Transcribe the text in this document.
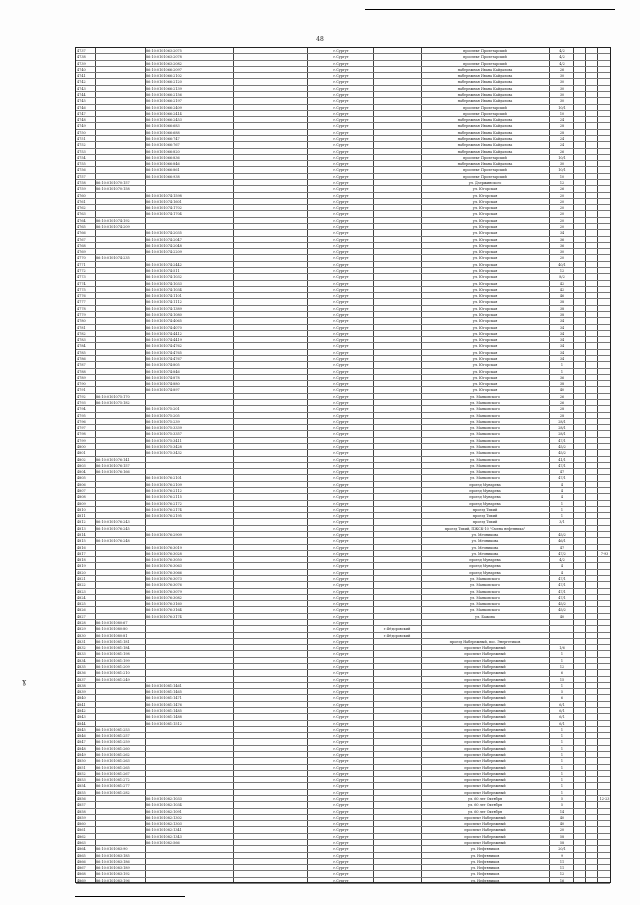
48
4737	86:10:0101063:2075	г.Сургут	проспект Пролетарский	4/2
4738	86:10:0101063:2078	г.Сургут	проспект Пролетарский	4/2
4739	86:10:0101063:2082	г.Сургут	проспект Пролетарский	4/2
4740	86:10:0101066:2097	г.Сургут	набережная Ивана Кайдалова	26
4741	86:10:0101066:2102	г.Сургут	набережная Ивана Кайдалова	30
4742	86:10:0101066:2120	г.Сургут	набережная Ивана Кайдалова	30
4743	86:10:0101066:2139	г.Сургут	набережная Ивана Кайдалова	30
4744	86:10:0101066:2156	г.Сургут	набережная Ивана Кайдалова	30
4745	86:10:0101066:2197	г.Сургут	набережная Ивана Кайдалова	30
4746	86:10:0101066:2409	г.Сургут	проспект Пролетарский	10/1
4747	86:10:0101066:2414	г.Сургут	проспект Пролетарский	10
4748	86:10:0101066:2453	г.Сургут	набережная Ивана Кайдалова	24
4749	86:10:0101066:683	г.Сургут	набережная Ивана Кайдалова	28
4750	86:10:0101066:688	г.Сургут	набережная Ивана Кайдалова	28
4751	86:10:0101066:747	г.Сургут	набережная Ивана Кайдалова	24
4752	86:10:0101066:767	г.Сургут	набережная Ивана Кайдалова	24
4753	86:10:0101066:820	г.Сургут	набережная Ивана Кайдалова	26
4754	86:10:0101066:836	г.Сургут	проспект Пролетарский	10/1
4755	86:10:0101066:846	г.Сургут	набережная Ивана Кайдалова	30
4756	86:10:0101066:861	г.Сургут	проспект Пролетарский	10/1
4757	86:10:0101066:938	г.Сургут	проспект Пролетарский	10
4758	86:10:0101070:157	г.Сургут	ул. Дзержинского	12
4759	86:10:0101070:158	г.Сургут	ул. Югорская	26
4760	86:10:0101074:1598	г.Сургут	ул. Югорская	20
4761	86:10:0101074:1601	г.Сургут	ул. Югорская	20
4762	86:10:0101074:1702	г.Сургут	ул. Югорская	20
4763	86:10:0101074:1704	г.Сургут	ул. Югорская	20
4764	86:10:0101074:192	г.Сургут	ул. Югорская	20
4765	86:10:0101074:209	г.Сургут	ул. Югорская	20
4766	86:10:0101074:2035	г.Сургут	ул. Югорская	34
4767	86:10:0101074:2047	г.Сургут	ул. Югорская	36
4768	86:10:0101074:2048	г.Сургут	ул. Югорская	36
4769	86:10:0101074:2209	г.Сургут	ул. Югорская	30
4770	86:10:0101074:235	г.Сургут	ул. Югорская	20
4771	86:10:0101074:2442	г.Сургут	ул. Югорская	40/1
4772	86:10:0101074:511	г.Сургут	ул. Югорская	12
4773	86:10:0101074:1032	г.Сургут	ул. Югорская	8/2
4774	86:10:0101074:1033	г.Сургут	ул. Югорская	42
4775	86:10:0101074:1034	г.Сургут	ул. Югорская	42
4776	86:10:0101074:1101	г.Сургут	ул. Югорская	46
4777	86:10:0101074:1112	г.Сургут	ул. Югорская	38
4778	86:10:0101074:1389	г.Сургут	ул. Югорская	38
4779	86:10:0101074:1080	г.Сургут	ул. Югорская	38
4780	86:10:0101074:4065	г.Сургут	ул. Югорская	34
4781	86:10:0101074:4070	г.Сургут	ул. Югорская	34
4782	86:10:0101074:4412	г.Сургут	ул. Югорская	34
4783	86:10:0101074:4419	г.Сургут	ул. Югорская	34
4784	86:10:0101074:4762	г.Сургут	ул. Югорская	34
4785	86:10:0101074:4765	г.Сургут	ул. Югорская	34
4786	86:10:0101074:4767	г.Сургут	ул. Югорская	34
4787	86:10:0101074:805	г.Сургут	ул. Югорская	1
4788	86:10:0101074:846	г.Сургут	ул. Югорская	1
4789	86:10:0101074:878	г.Сургут	ул. Югорская	36
4790	86:10:0101074:880	г.Сургут	ул. Югорская	38
4791	86:10:0101074:897	г.Сургут	ул. Югорская	40
4792	86:10:0101075:170	г.Сургут	ул. Маяковского	26
4793	86:10:0101075:182	г.Сургут	ул. Маяковского	26
4794	86:10:0101075:201	г.Сургут	ул. Маяковского	28
4795	86:10:0101075:205	г.Сургут	ул. Маяковского	28
4796	86:10:0101075:239	г.Сургут	ул. Маяковского	28/1
4797	86:10:0101075:3339	г.Сургут	ул. Маяковского	28/1
4798	86:10:0101075:3357	г.Сургут	ул. Маяковского	28/1
4799	86:10:0101075:3411	г.Сургут	ул. Маяковского	47/1
4800	86:10:0101075:3428	г.Сургут	ул. Маяковского	45/2
4801	86:10:0101075:3432	г.Сургут	ул. Маяковского	45/2
4802	86:10:0101076:141	г.Сургут	ул. Маяковского	41/1
4803	86:10:0101076:157	г.Сургут	ул. Маяковского	47/1
4804	86:10:0101076:166	г.Сургут	ул. Маяковского	47
4805	86:10:0101076:2101	г.Сургут	ул. Маяковского	47/1
4806	86:10:0101076:2109	г.Сургут	проезд Мунарева	4
4807	86:10:0101076:2112	г.Сургут	проезд Мунарева	4
4808	86:10:0101076:2115	г.Сургут	проезд Мунарева	4
4809	86:10:0101076:2172	г.Сургут	проезд Мунарева	1
4810	86:10:0101076:2174	г.Сургут	проезд Тихий	1
4811	86:10:0101076:2195	г.Сургут	проезд Тихий	1
4812	86:10:0101076:243	г.Сургут	проезд Тихий	3/1
4813	86:10:0101076:245	г.Сургут	проезд Тихий, ПЖСК-10 "Смена нефтяника"
4814	86:10:0101076:2909	г.Сургут	ул. Мечникова	45/2
4815	86:10:0101076:248	г.Сургут	ул. Мечникова	46/1
4816	86:10:0101076:3019	г.Сургут	ул. Мечникова	47
4817	86:10:0101076:3028	г.Сургут	ул. Мечникова	47/2	7-93
4818	86:10:0101076:3050	г.Сургут	проезд Мунарева	4/2
4819	86:10:0101076:3063	г.Сургут	проезд Мунарева	4
4820	86:10:0101076:3066	г.Сургут	проезд Мунарева	4
4821	86:10:0101076:3073	г.Сургут	ул. Маяковского	47/1
4822	86:10:0101076:3076	г.Сургут	ул. Маяковского	47/1
4823	86:10:0101076:3079	г.Сургут	ул. Маяковского	47/1
4824	86:10:0101076:3082	г.Сургут	ул. Маяковского	47/1
4825	86:10:0101076:3160	г.Сургут	ул. Маяковского	45/2
4826	86:10:0101076:3164	г.Сургут	ул. Маяковского	45/2
4827	86:10:0101076:3174	г.Сургут	ул. Бажова	40
4828	86:10:0101080:67	г.Сургут
4829	86:10:0101080:80	г.Сургут	г.Фёдоровский
4830	86:10:0101080:81	г.Сургут	г.Фёдоровский
4831	86:10:0101081:181	г.Сургут	проезд Набережный, пос. Энергетиков
4832	86:10:0101081:184	г.Сургут	проспект Набережный	1/6
4833	86:10:0101081:198	г.Сургут	проспект Набережный	1
4834	86:10:0101081:199	г.Сургут	проспект Набережный	1
4835	86:10:0101081:209	г.Сургут	проспект Набережный	12
4836	86:10:0101081:210	г.Сургут	проспект Набережный	6
4837	86:10:0101081:249	г.Сургут	проспект Набережный	15
4838	86:10:0101081:1461	г.Сургут	проспект Набережный	1
4839	86:10:0101081:1465	г.Сургут	проспект Набережный	5
4840	86:10:0101081:1471	г.Сургут	проспект Набережный	6
4841	86:10:0101081:1476	г.Сургут	проспект Набережный	6/1
4842	86:10:0101081:1485	г.Сургут	проспект Набережный	6/1
4843	86:10:0101081:1488	г.Сургут	проспект Набережный	6/1
4844	86:10:0101081:1512	г.Сургут	проспект Набережный	6/1
4845	86:10:0101081:253	г.Сургут	проспект Набережный	1
4846	86:10:0101081:257	г.Сургут	проспект Набережный	1
4847	86:10:0101081:259	г.Сургут	проспект Набережный	1
4848	86:10:0101081:260	г.Сургут	проспект Набережный	1
4849	86:10:0101081:262	г.Сургут	проспект Набережный	1
4850	86:10:0101081:263	г.Сургут	проспект Набережный	1
4851	86:10:0101081:265	г.Сургут	проспект Набережный	1
4852	86:10:0101081:267	г.Сургут	проспект Набережный	1
4853	86:10:0101081:272	г.Сургут	проспект Набережный	1
4854	86:10:0101081:277	г.Сургут	проспект Набережный	1
4855	86:10:0101081:282	г.Сургут	проспект Набережный	1
4856	86:10:0101082:1033	г.Сургут	ул. 60 лет Октября	5	12-23
4857	86:10:0101082:1034	г.Сургут	ул. 60 лет Октября	5
4858	86:10:0101082:1091	г.Сургут	ул. 60 лет Октября	14
4859	86:10:0101082:1302	г.Сургут	проспект Набережный	40
4860	86:10:0101082:1303	г.Сургут	проспект Набережный	40
4861	86:10:0101082:1341	г.Сургут	проспект Набережный	20
4862	86:10:0101082:1343	г.Сургут	проспект Набережный	58
4863	86:10:0101082:566	г.Сургут	проспект Набережный	58
4864	86:10:0101083:90	г.Сургут	ул. Нефтяников	20/1
4865	86:10:0101083:185	г.Сургут	ул. Нефтяников	9
4866	86:10:0101083:186	г.Сургут	ул. Нефтяников	11
4867	86:10:0101083:189	г.Сургут	ул. Нефтяников	11
4868	86:10:0101083:192	г.Сургут	ул. Нефтяников	12
4869	86:10:0101083:196	г.Сургут	ул. Нефтяников	16
ɣ
